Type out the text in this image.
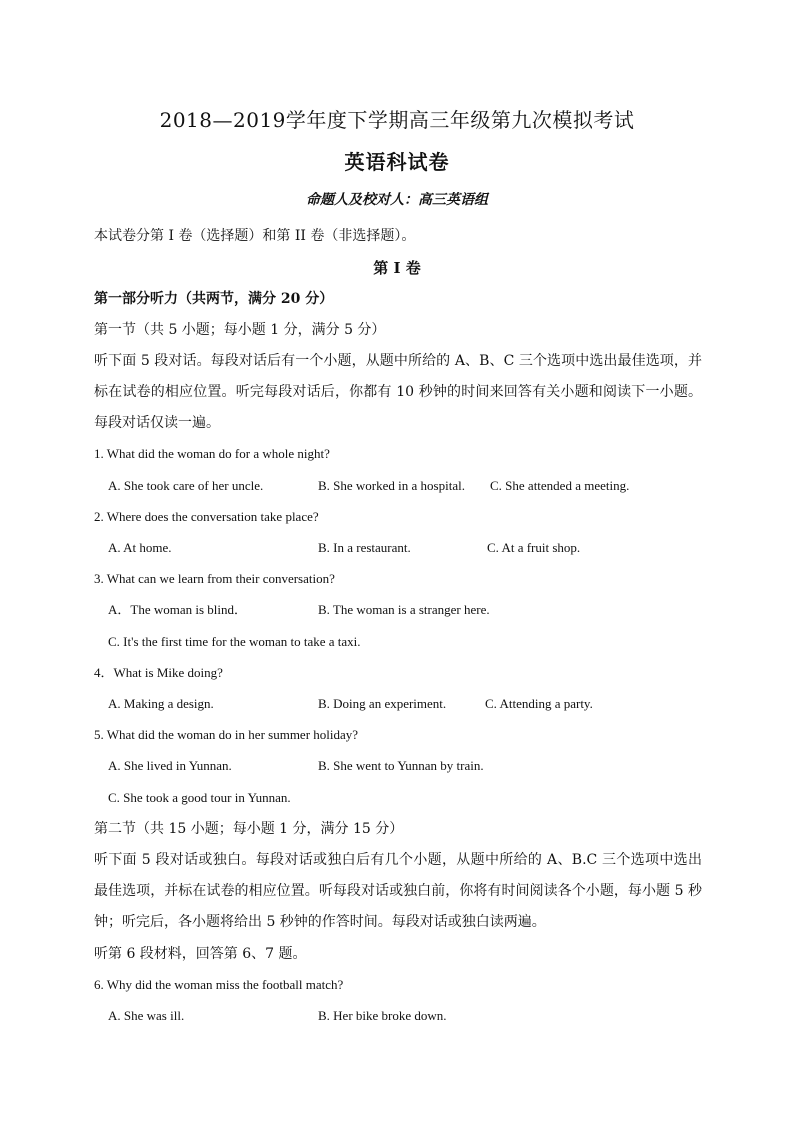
2018—2019学年度下学期高三年级第九次模拟考试
英语科试卷
命题人及校对人：高三英语组
本试卷分第 I 卷（选择题）和第 II 卷（非选择题）。
第 I 卷
第一部分听力（共两节，满分 20 分）
第一节（共 5 小题；每小题 1 分，满分 5 分）
听下面 5 段对话。每段对话后有一个小题，从题中所给的 A、B、C 三个选项中选出最佳选项，并标在试卷的相应位置。听完每段对话后，你都有 10 秒钟的时间来回答有关小题和阅读下一小题。每段对话仅读一遍。
1. What did the woman do for a whole night?
A. She took care of her uncle.	B. She worked in a hospital. C. She attended a meeting.
2. Where does the conversation take place?
A. At home.	B. In a restaurant.	C. At a fruit shop.
3. What can we learn from their conversation?
A．The woman is blind．	B. The woman is a stranger here.
C. It's the first time for the woman to take a taxi.
4．What is Mike doing?
A. Making a design.	B. Doing an experiment.	C. Attending a party.
5. What did the woman do in her summer holiday?
A. She lived in Yunnan.	B. She went to Yunnan by train.
C. She took a good tour in Yunnan.
第二节（共 15 小题；每小题 1 分，满分 15 分）
听下面 5 段对话或独白。每段对话或独白后有几个小题，从题中所给的 A、B.C 三个选项中选出最佳选项，并标在试卷的相应位置。听每段对话或独白前，你将有时间阅读各个小题，每小题 5 秒钟；听完后，各小题将给出 5 秒钟的作答时间。每段对话或独白读两遍。
听第 6 段材料，回答第 6、7 题。
6. Why did the woman miss the football match?
A. She was ill.	B. Her bike broke down.
